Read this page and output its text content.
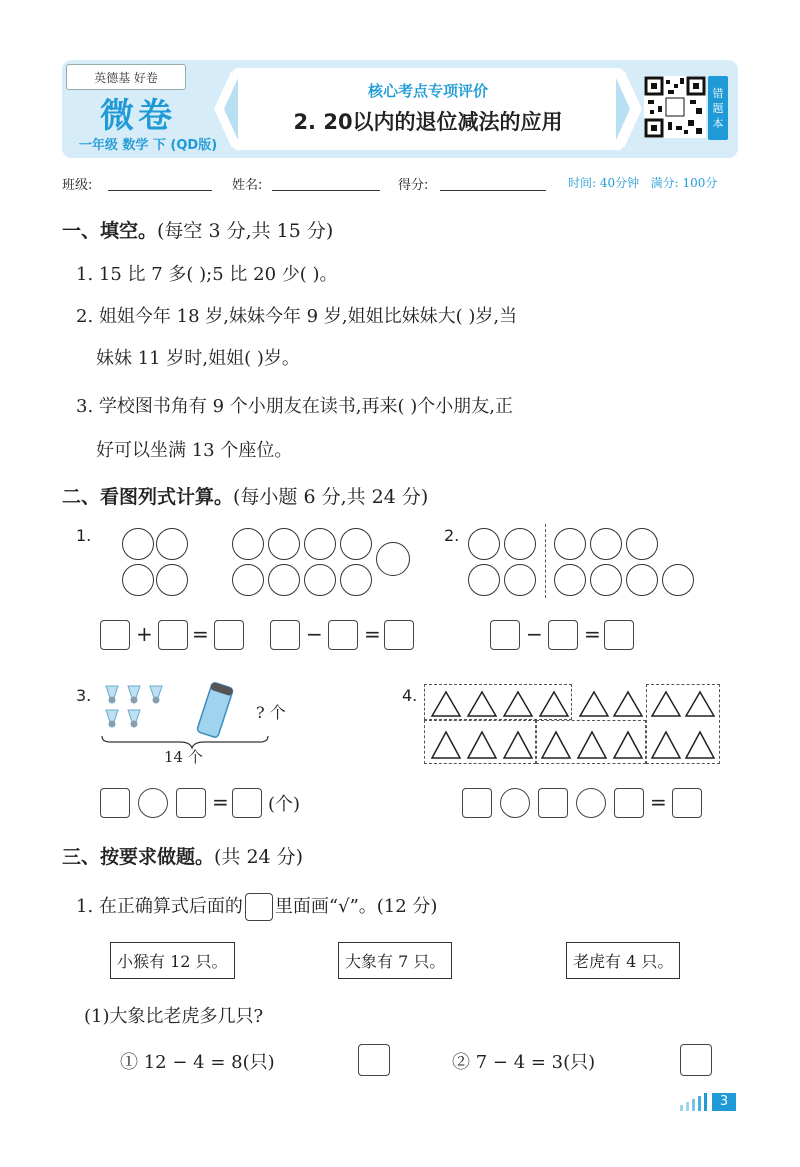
英德基 好卷
微卷
一年级 数学 下 (QD版)
核心考点专项评价
2. 20以内的退位减法的应用
错
题
本
班级:	姓名:	得分:	时间: 40分钟 满分: 100分
一、填空。(每空 3 分,共 15 分)
1. 15 比 7 多( );5 比 20 少( )。
2. 姐姐今年 18 岁,妹妹今年 9 岁,姐姐比妹妹大( )岁,当
妹妹 11 岁时,姐姐( )岁。
3. 学校图书角有 9 个小朋友在读书,再来( )个小朋友,正
好可以坐满 13 个座位。
二、看图列式计算。(每小题 6 分,共 24 分)
1.
+ =	− =
2.
− =
3.
? 个
14 个
= (个)
4.
=
三、按要求做题。(共 24 分)
1. 在正确算式后面的 里面画“√”。(12 分)
小猴有 12 只。	大象有 7 只。	老虎有 4 只。
(1)大象比老虎多几只?
① 12 − 4 = 8(只)	② 7 − 4 = 3(只)
3
